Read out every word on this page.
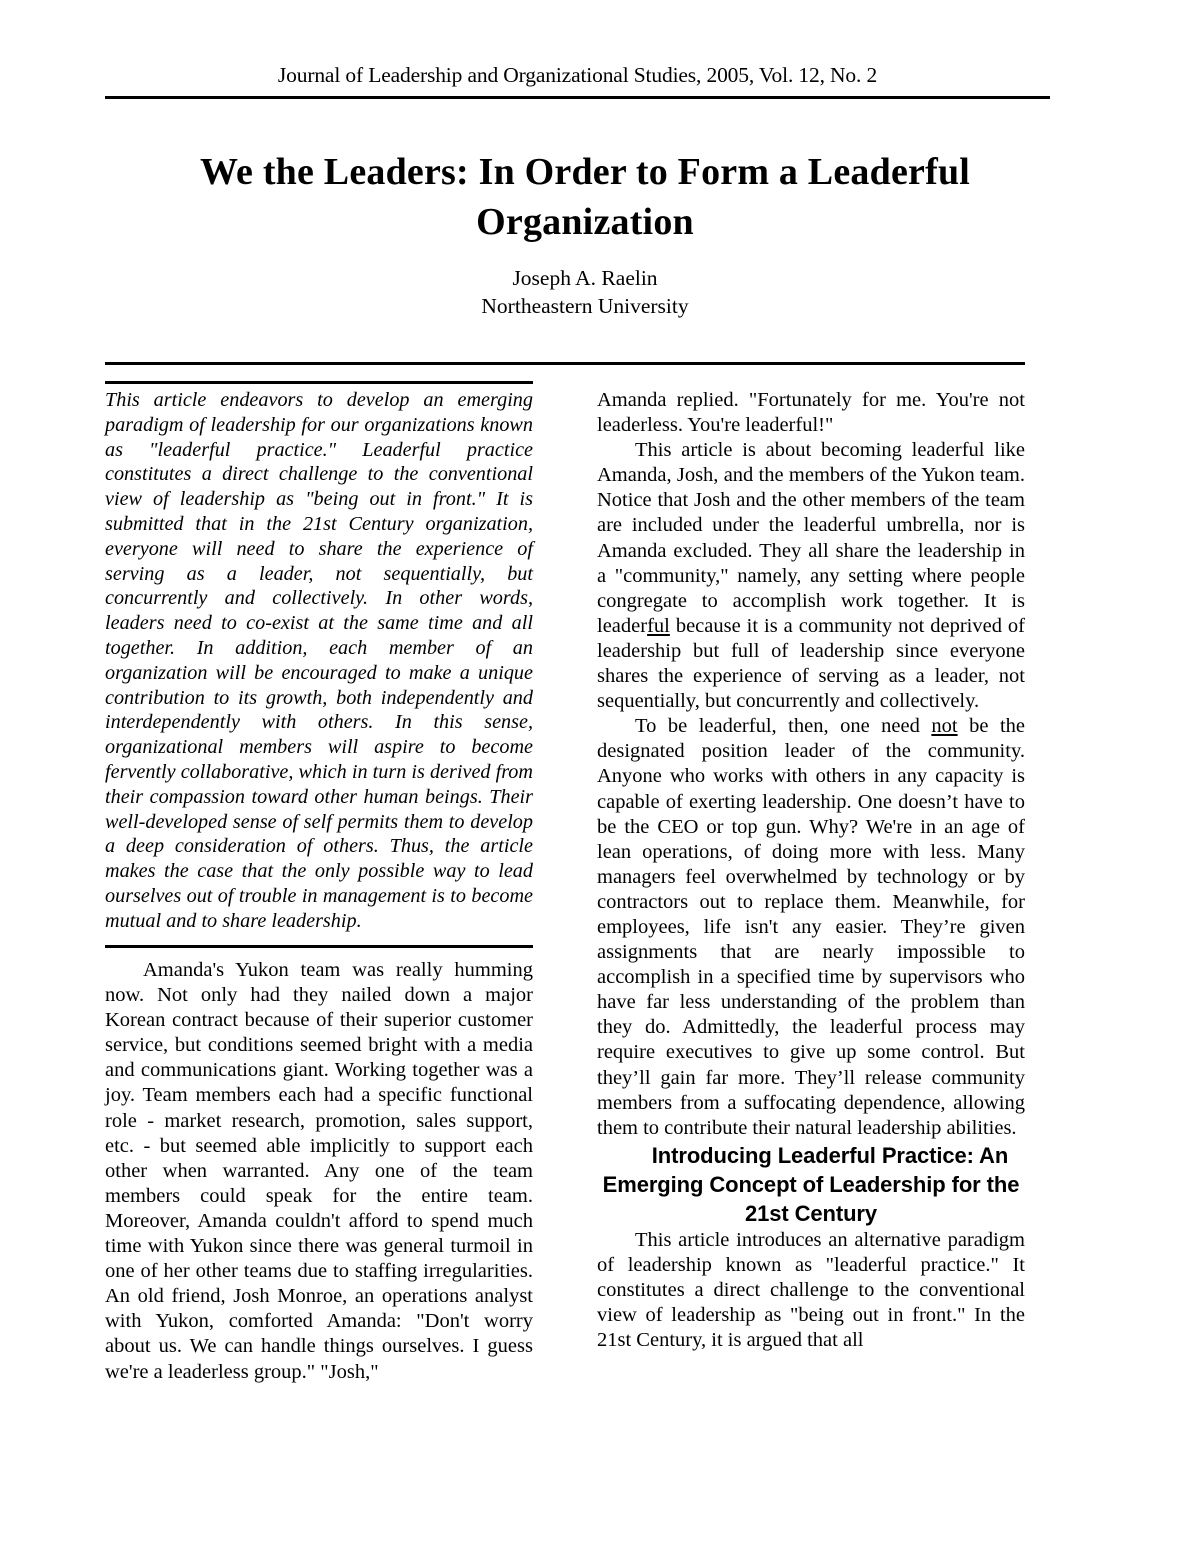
Journal of Leadership and Organizational Studies, 2005, Vol. 12, No. 2
We the Leaders: In Order to Form a Leaderful Organization
Joseph A. Raelin
Northeastern University

This article endeavors to develop an emerging paradigm of leadership for our organizations known as "leaderful practice." Leaderful practice constitutes a direct challenge to the conventional view of leadership as "being out in front." It is submitted that in the 21st Century organization, everyone will need to share the experience of serving as a leader, not sequentially, but concurrently and collectively. In other words, leaders need to co-exist at the same time and all together. In addition, each member of an organization will be encouraged to make a unique contribution to its growth, both independently and interdependently with others. In this sense, organizational members will aspire to become fervently collaborative, which in turn is derived from their compassion toward other human beings. Their well-developed sense of self permits them to develop a deep consideration of others. Thus, the article makes the case that the only possible way to lead ourselves out of trouble in management is to become mutual and to share leadership.

Amanda's Yukon team was really humming now. Not only had they nailed down a major Korean contract because of their superior customer service, but conditions seemed bright with a media and communications giant. Working together was a joy. Team members each had a specific functional role - market research, promotion, sales support, etc. - but seemed able implicitly to support each other when warranted. Any one of the team members could speak for the entire team. Moreover, Amanda couldn't afford to spend much time with Yukon since there was general turmoil in one of her other teams due to staffing irregularities. An old friend, Josh Monroe, an operations analyst with Yukon, comforted Amanda: "Don't worry about us. We can handle things ourselves. I guess we're a leaderless group." "Josh,"

Amanda replied. "Fortunately for me. You're not leaderless. You're leaderful!"

This article is about becoming leaderful like Amanda, Josh, and the members of the Yukon team. Notice that Josh and the other members of the team are included under the leaderful umbrella, nor is Amanda excluded. They all share the leadership in a "community," namely, any setting where people congregate to accomplish work together. It is leaderful because it is a community not deprived of leadership but full of leadership since everyone shares the experience of serving as a leader, not sequentially, but concurrently and collectively.

To be leaderful, then, one need not be the designated position leader of the community. Anyone who works with others in any capacity is capable of exerting leadership. One doesn’t have to be the CEO or top gun. Why? We're in an age of lean operations, of doing more with less. Many managers feel overwhelmed by technology or by contractors out to replace them. Meanwhile, for employees, life isn't any easier. They’re given assignments that are nearly impossible to accomplish in a specified time by supervisors who have far less understanding of the problem than they do. Admittedly, the leaderful process may require executives to give up some control. But they’ll gain far more. They’ll release community members from a suffocating dependence, allowing them to contribute their natural leadership abilities.

Introducing Leaderful Practice: An Emerging Concept of Leadership for the 21st Century

This article introduces an alternative paradigm of leadership known as "leaderful practice." It constitutes a direct challenge to the conventional view of leadership as "being out in front." In the 21st Century, it is argued that all
